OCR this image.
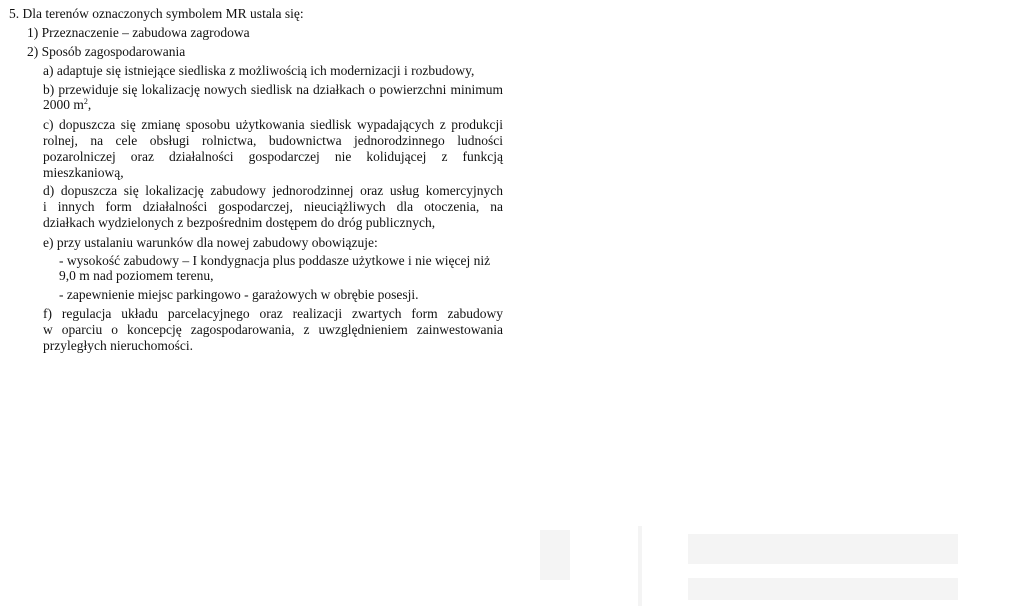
5. Dla terenów oznaczonych symbolem MR ustala się:
1) Przeznaczenie – zabudowa zagrodowa
2) Sposób zagospodarowania
a) adaptuje się istniejące siedliska z możliwością ich modernizacji i rozbudowy,
b) przewiduje się lokalizację nowych siedlisk na działkach o powierzchni minimum
2000 $m^2$,
c) dopuszcza się zmianę sposobu użytkowania siedlisk wypadających z produkcji
rolnej, na cele obsługi rolnictwa, budownictwa jednorodzinnego ludności
pozarolniczej oraz działalności gospodarczej nie kolidującej z funkcją
mieszkaniową,
d) dopuszcza się lokalizację zabudowy jednorodzinnej oraz usług komercyjnych
i innych form działalności gospodarczej, nieuciążliwych dla otoczenia, na
działkach wydzielonych z bezpośrednim dostępem do dróg publicznych,
e) przy ustalaniu warunków dla nowej zabudowy obowiązuje:
- wysokość zabudowy – I kondygnacja plus poddasze użytkowe i nie więcej niż
9,0 m nad poziomem terenu,
- zapewnienie miejsc parkingowo - garażowych w obrębie posesji.
f) regulacja układu parcelacyjnego oraz realizacji zwartych form zabudowy
w oparciu o koncepcję zagospodarowania, z uwzględnieniem zainwestowania
przyległych nieruchomości.
